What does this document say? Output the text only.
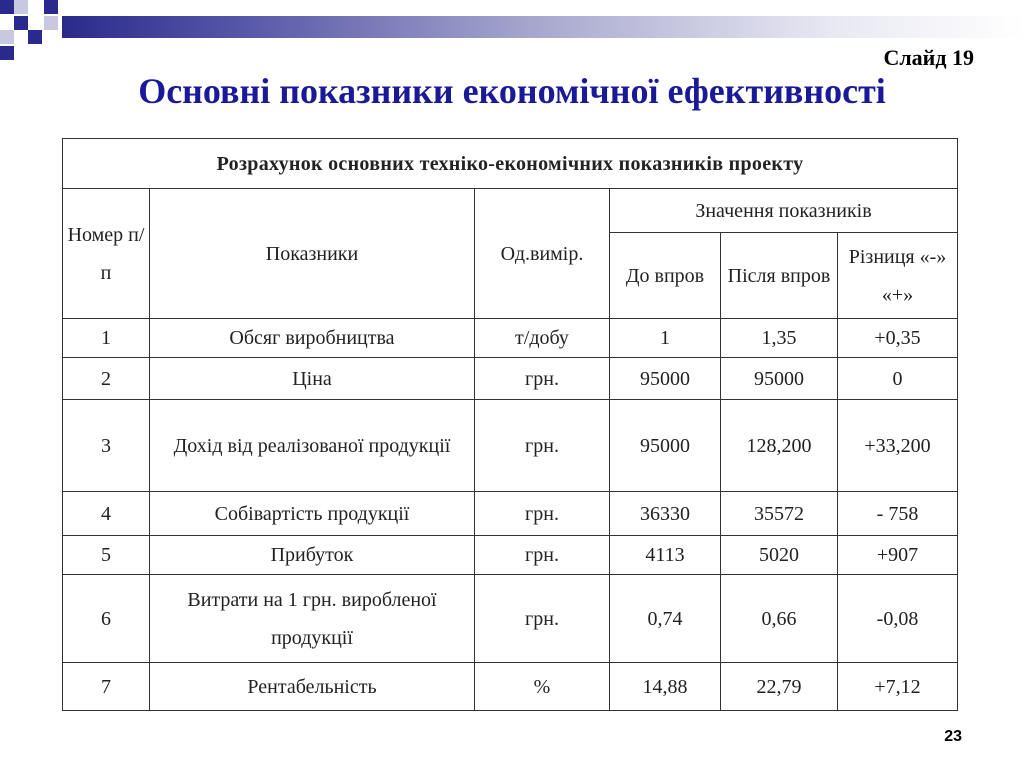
Слайд 19
Основні показники економічної ефективності
Розрахунок основних техніко-економічних показників проекту					
Номер п/п	Показники	Од.вимір.	Значення показників		
			До впров	Після впров	Різниця «-» «+»
1	Обсяг виробництва	т/добу	1	1,35	+0,35
2	Ціна	грн.	95000	95000	0
3	Дохід від реалізованої продукції	грн.	95000	128,200	+33,200
4	Собівартість продукції	грн.	36330	35572	- 758
5	Прибуток	грн.	4113	5020	+907
6	Витрати на 1 грн. виробленої продукції	грн.	0,74	0,66	-0,08
7	Рентабельність	%	14,88	22,79	+7,12
23
